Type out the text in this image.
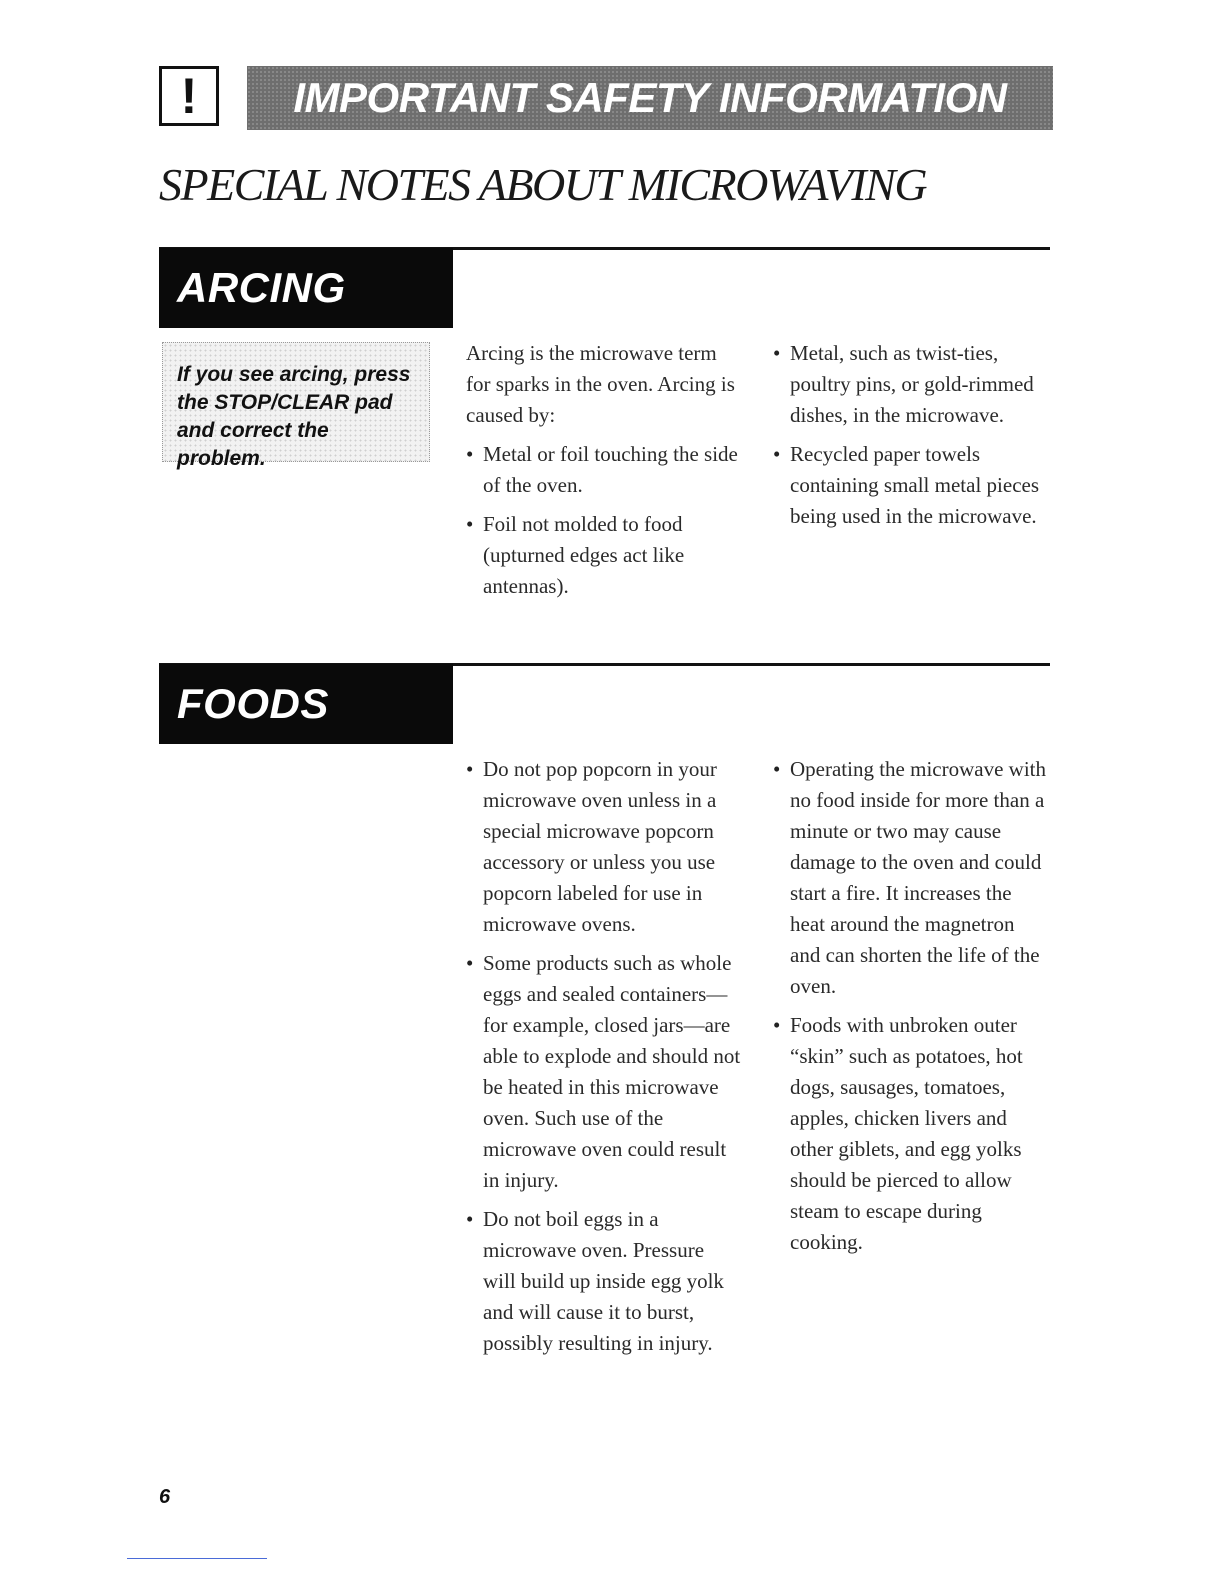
! IMPORTANT SAFETY INFORMATION
SPECIAL NOTES ABOUT MICROWAVING
ARCING

If you see arcing, press the STOP/CLEAR pad and correct the problem.

Arcing is the microwave term for sparks in the oven. Arcing is caused by:

• Metal or foil touching the side of the oven.
• Foil not molded to food (upturned edges act like antennas).
• Metal, such as twist-ties, poultry pins, or gold-rimmed dishes, in the microwave.
• Recycled paper towels containing small metal pieces being used in the microwave.
FOODS
• Do not pop popcorn in your microwave oven unless in a special microwave popcorn accessory or unless you use popcorn labeled for use in microwave ovens.
• Some products such as whole eggs and sealed containers—for example, closed jars—are able to explode and should not be heated in this microwave oven. Such use of the microwave oven could result in injury.
• Do not boil eggs in a microwave oven. Pressure will build up inside egg yolk and will cause it to burst, possibly resulting in injury.
• Operating the microwave with no food inside for more than a minute or two may cause damage to the oven and could start a fire. It increases the heat around the magnetron and can shorten the life of the oven.
• Foods with unbroken outer “skin” such as potatoes, hot dogs, sausages, tomatoes, apples, chicken livers and other giblets, and egg yolks should be pierced to allow steam to escape during cooking.
6
